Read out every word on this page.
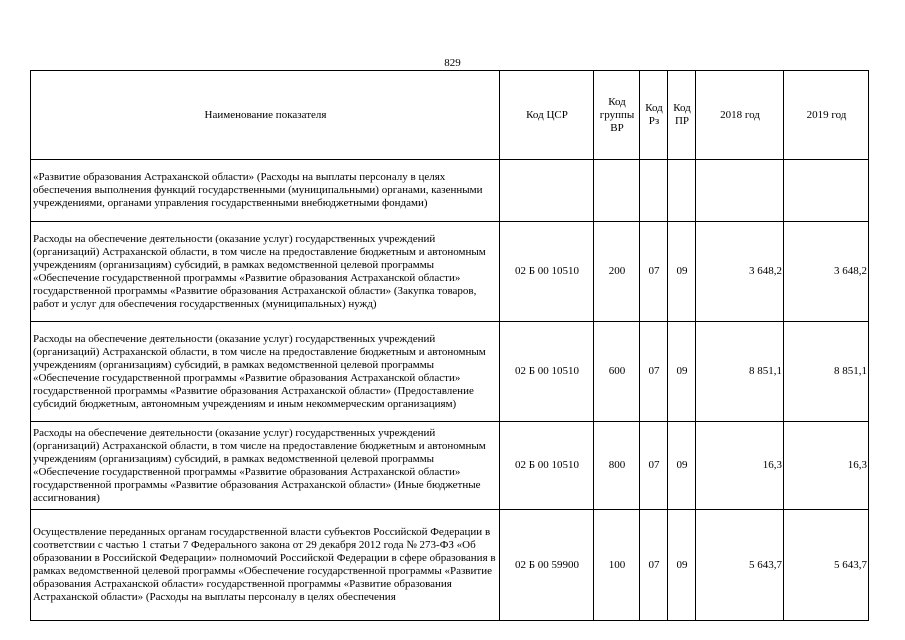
829
Наименование показателя	Код ЦСР	Код группы ВР	Код Рз	Код ПР	2018 год	2019 год
«Развитие образования Астраханской области» (Расходы на выплаты персоналу в целях обеспечения выполнения функций государственными (муниципальными) органами, казенными учреждениями, органами управления государственными внебюджетными фондами)						
Расходы на обеспечение деятельности (оказание услуг) государственных учреждений (организаций) Астраханской области, в том числе на предоставление бюджетным и автономным учреждениям (организациям) субсидий, в рамках ведомственной целевой программы «Обеспечение государственной программы «Развитие образования Астраханской области» государственной программы «Развитие образования Астраханской области» (Закупка товаров, работ и услуг для обеспечения государственных (муниципальных) нужд)	02 Б 00 10510	200	07	09	3 648,2	3 648,2
Расходы на обеспечение деятельности (оказание услуг) государственных учреждений (организаций) Астраханской области, в том числе на предоставление бюджетным и автономным учреждениям (организациям) субсидий, в рамках ведомственной целевой программы «Обеспечение государственной программы «Развитие образования Астраханской области» государственной программы «Развитие образования Астраханской области» (Предоставление субсидий бюджетным, автономным учреждениям и иным некоммерческим организациям)	02 Б 00 10510	600	07	09	8 851,1	8 851,1
Расходы на обеспечение деятельности (оказание услуг) государственных учреждений (организаций) Астраханской области, в том числе на предоставление бюджетным и автономным учреждениям (организациям) субсидий, в рамках ведомственной целевой программы «Обеспечение государственной программы «Развитие образования Астраханской области» государственной программы «Развитие образования Астраханской области» (Иные бюджетные ассигнования)	02 Б 00 10510	800	07	09	16,3	16,3
Осуществление переданных органам государственной власти субъектов Российской Федерации в соответствии с частью 1 статьи 7 Федерального закона от 29 декабря 2012 года № 273-ФЗ «Об образовании в Российской Федерации» полномочий Российской Федерации в сфере образования в рамках ведомственной целевой программы «Обеспечение государственной программы «Развитие образования Астраханской области» государственной программы «Развитие образования Астраханской области» (Расходы на выплаты персоналу в целях обеспечения	02 Б 00 59900	100	07	09	5 643,7	5 643,7
